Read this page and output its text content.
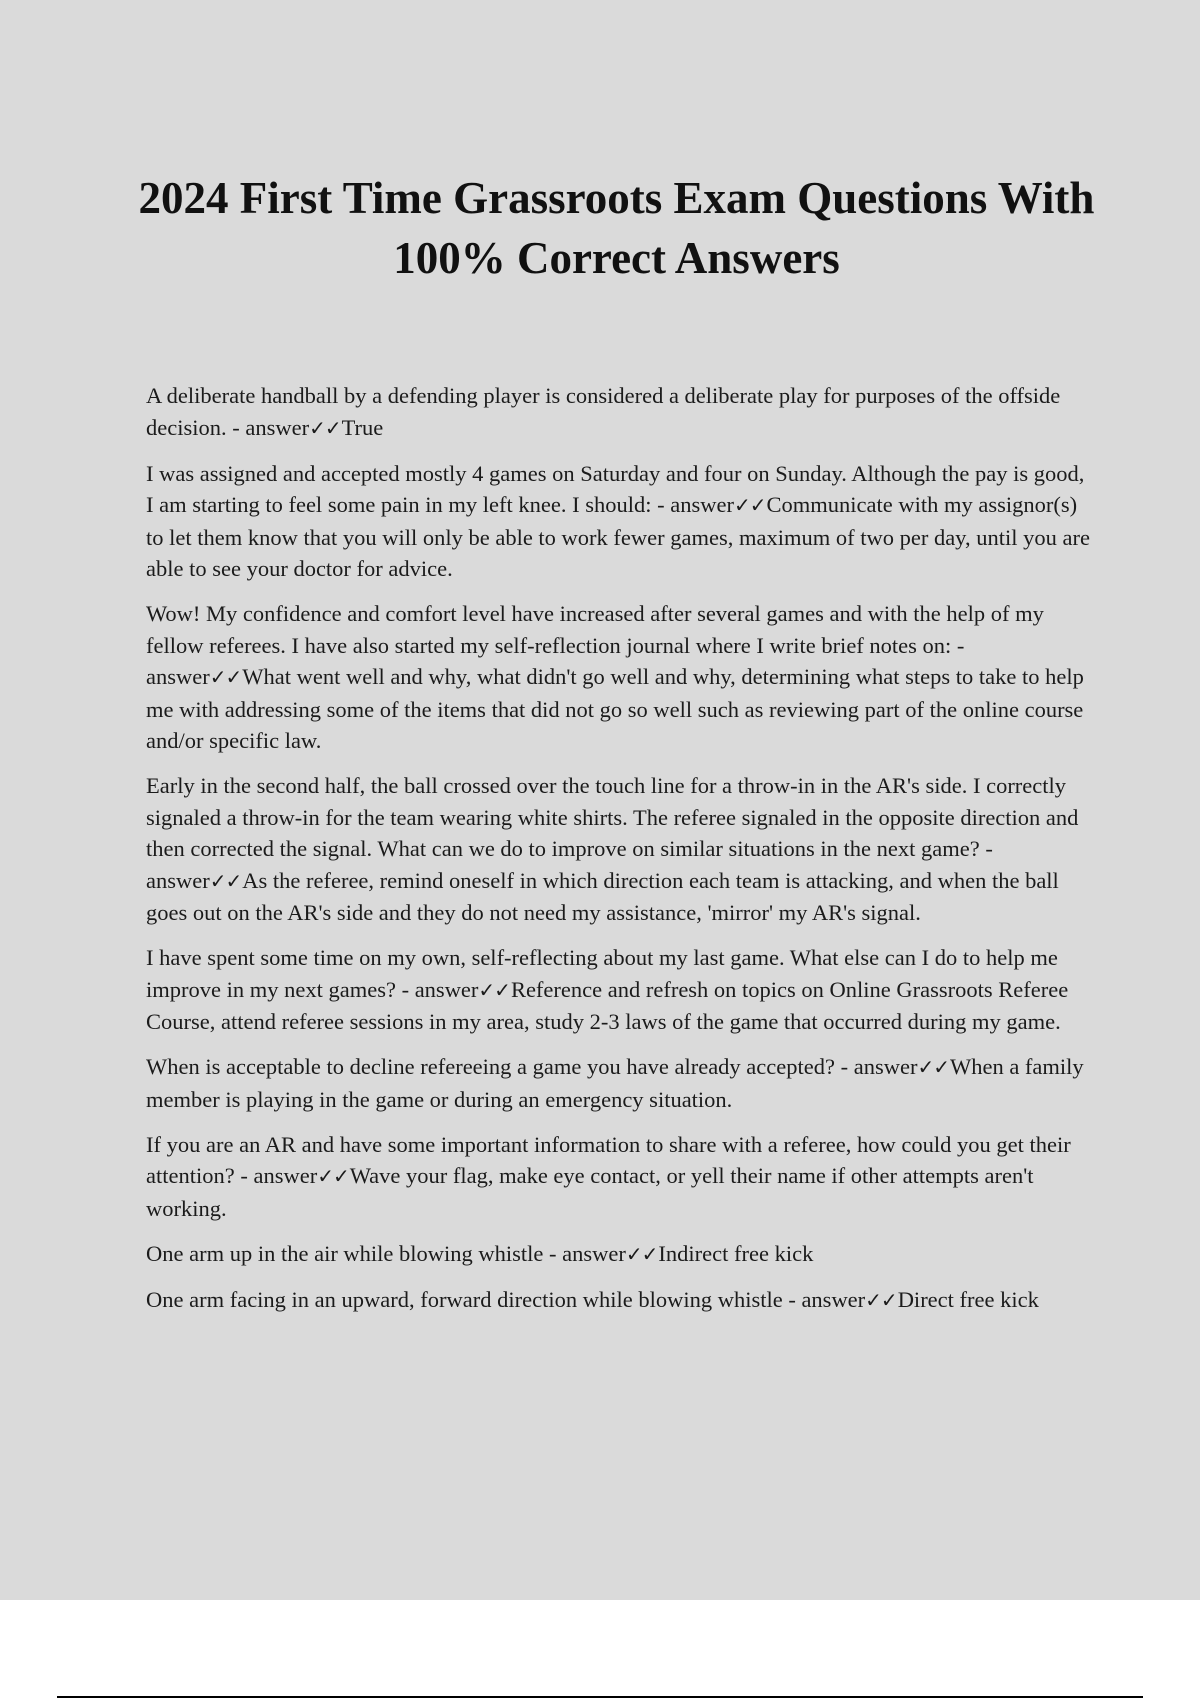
2024 First Time Grassroots Exam Questions With 100% Correct Answers
A deliberate handball by a defending player is considered a deliberate play for purposes of the offside decision. - answer✓✓True
I was assigned and accepted mostly 4 games on Saturday and four on Sunday. Although the pay is good, I am starting to feel some pain in my left knee. I should: - answer✓✓Communicate with my assignor(s) to let them know that you will only be able to work fewer games, maximum of two per day, until you are able to see your doctor for advice.
Wow! My confidence and comfort level have increased after several games and with the help of my fellow referees. I have also started my self-reflection journal where I write brief notes on: - answer✓✓What went well and why, what didn't go well and why, determining what steps to take to help me with addressing some of the items that did not go so well such as reviewing part of the online course and/or specific law.
Early in the second half, the ball crossed over the touch line for a throw-in in the AR's side. I correctly signaled a throw-in for the team wearing white shirts. The referee signaled in the opposite direction and then corrected the signal. What can we do to improve on similar situations in the next game? - answer✓✓As the referee, remind oneself in which direction each team is attacking, and when the ball goes out on the AR's side and they do not need my assistance, 'mirror' my AR's signal.
I have spent some time on my own, self-reflecting about my last game. What else can I do to help me improve in my next games? - answer✓✓Reference and refresh on topics on Online Grassroots Referee Course, attend referee sessions in my area, study 2-3 laws of the game that occurred during my game.
When is acceptable to decline refereeing a game you have already accepted? - answer✓✓When a family member is playing in the game or during an emergency situation.
If you are an AR and have some important information to share with a referee, how could you get their attention? - answer✓✓Wave your flag, make eye contact, or yell their name if other attempts aren't working.
One arm up in the air while blowing whistle - answer✓✓Indirect free kick
One arm facing in an upward, forward direction while blowing whistle - answer✓✓Direct free kick
